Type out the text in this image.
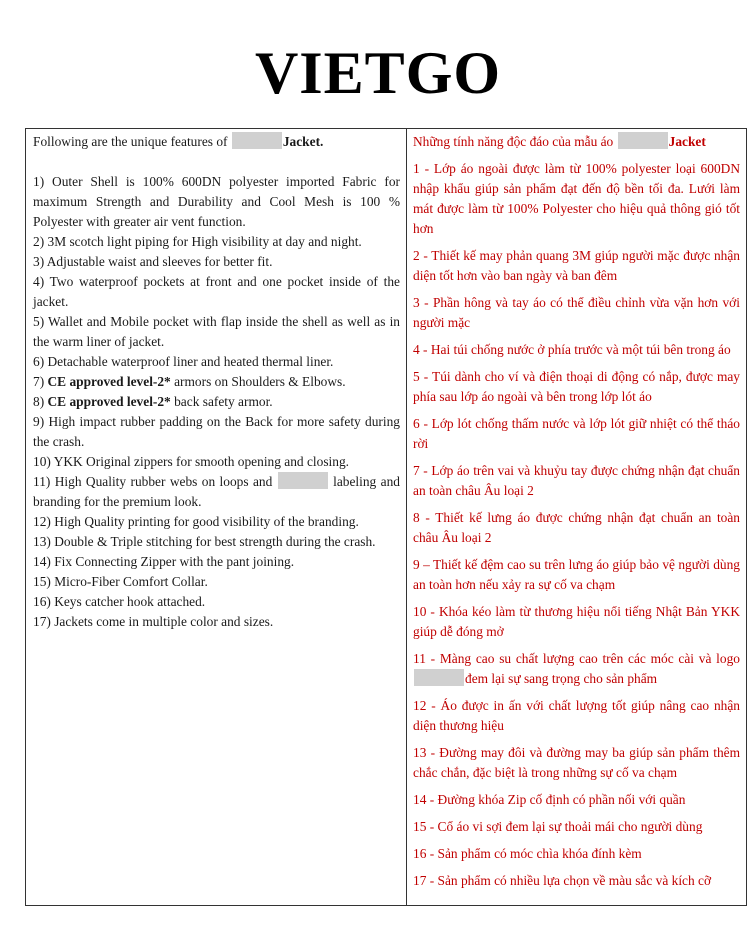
VIETGO

Following are the unique features of	Jacket.

1) Outer Shell is 100% 600DN polyester imported Fabric for maximum Strength and Durability and Cool Mesh is 100 % Polyester with greater air vent function.

2) 3M scotch light piping for High visibility at day and night.

3) Adjustable waist and sleeves for better fit.

4) Two waterproof pockets at front and one pocket inside of the jacket.

5) Wallet and Mobile pocket with flap inside the shell as well as in the warm liner of jacket.

6) Detachable waterproof liner and heated thermal liner.

7) CE approved level-2* armors on Shoulders & Elbows.

8) CE approved level-2* back safety armor.

9) High impact rubber padding on the Back for more safety during the crash.

10) YKK Original zippers for smooth opening and closing.

11) High Quality rubber webs on loops and	labeling and branding for the premium look.

12) High Quality printing for good visibility of the branding.

13) Double & Triple stitching for best strength during the crash.

14) Fix Connecting Zipper with the pant joining.

15) Micro-Fiber Comfort Collar.

16) Keys catcher hook attached.

17) Jackets come in multiple color and sizes.

Những tính năng độc đáo của mẫu áo	Jacket

1 - Lớp áo ngoài được làm từ 100% polyester loại 600DN nhập khẩu giúp sản phẩm đạt đến độ bền tối đa. Lưới làm mát được làm từ 100% Polyester cho hiệu quả thông gió tốt hơn

2 - Thiết kế may phản quang 3M giúp người mặc được nhận diện tốt hơn vào ban ngày và ban đêm

3 - Phần hông và tay áo có thể điều chỉnh vừa vặn hơn với người mặc

4 - Hai túi chống nước ở phía trước và một túi bên trong áo

5 - Túi dành cho ví và điện thoại di động có nắp, được may phía sau lớp áo ngoài và bên trong lớp lót áo

6 - Lớp lót chống thấm nước và lớp lót giữ nhiệt có thể tháo rời

7 - Lớp áo trên vai và khuỷu tay được chứng nhận đạt chuẩn an toàn châu Âu loại 2

8 - Thiết kế lưng áo được chứng nhận đạt chuẩn an toàn châu Âu loại 2

9 – Thiết kế đệm cao su trên lưng áo giúp bảo vệ người dùng an toàn hơn nếu xảy ra sự cố va chạm

10 - Khóa kéo làm từ thương hiệu nổi tiếng Nhật Bản YKK giúp dễ đóng mở

11 - Màng cao su chất lượng cao trên các móc cài và logo đem lại sự sang trọng cho sản phẩm

12 - Áo được in ấn với chất lượng tốt giúp nâng cao nhận diện thương hiệu

13 - Đường may đôi và đường may ba giúp sản phẩm thêm chắc chắn, đặc biệt là trong những sự cố va chạm

14 - Đường khóa Zip cố định có phần nối với quần

15 - Cổ áo vi sợi đem lại sự thoải mái cho người dùng

16 - Sản phẩm có móc chìa khóa đính kèm

17 - Sản phẩm có nhiều lựa chọn về màu sắc và kích cỡ
